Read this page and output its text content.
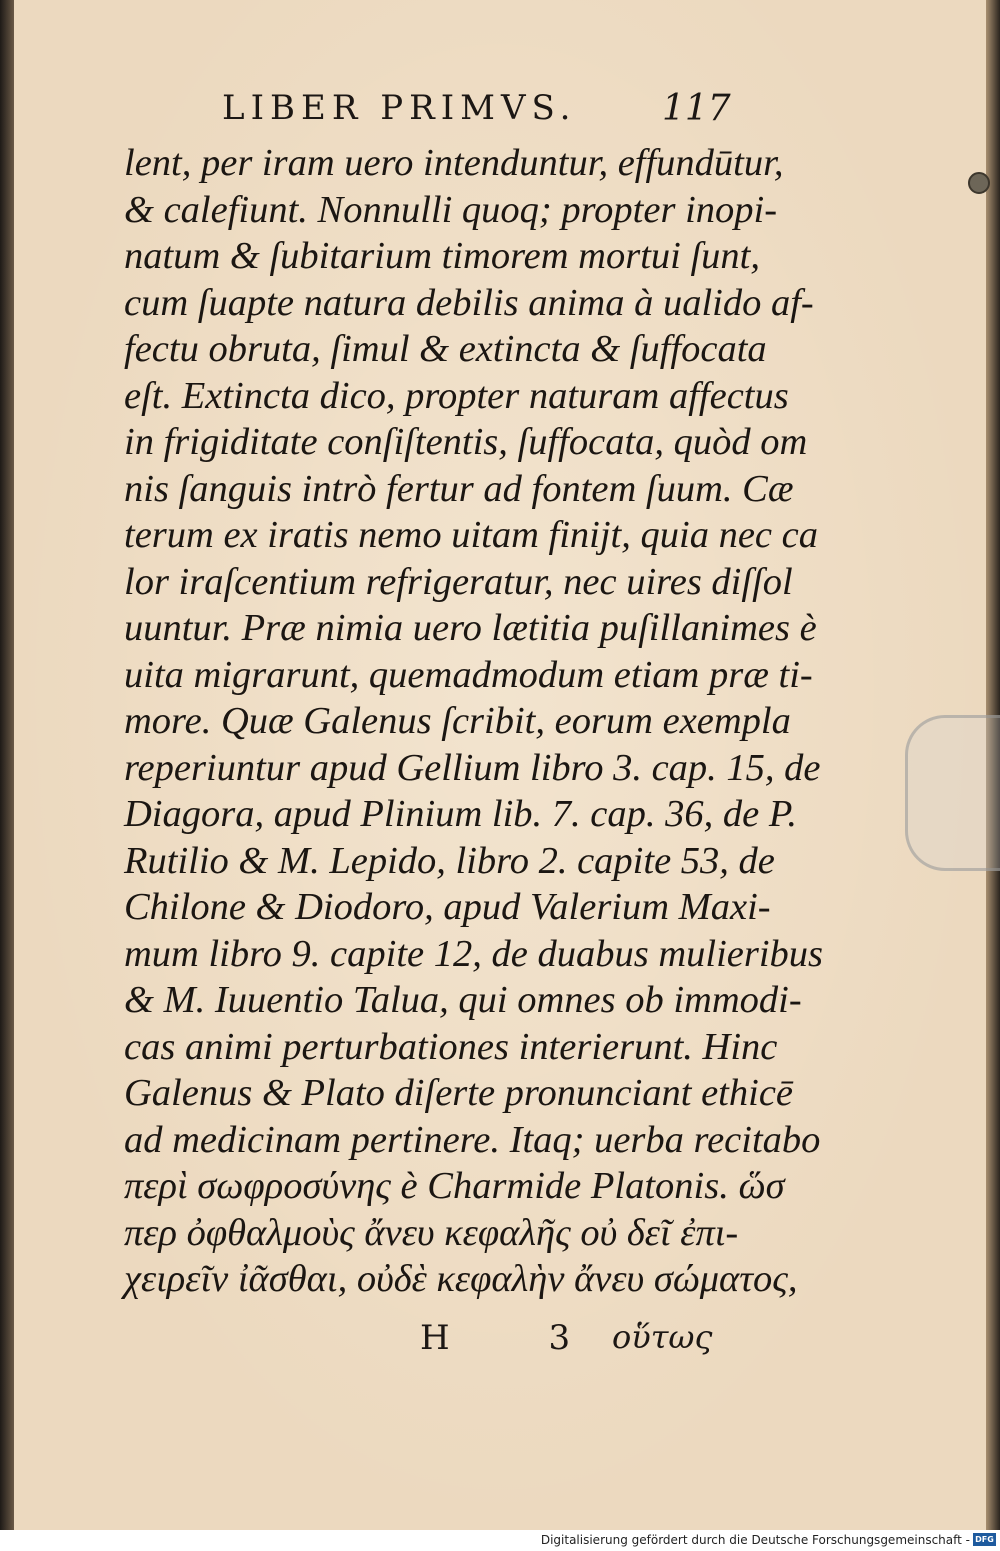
LIBER PRIMVS. 117
lent, per iram uero intenduntur, effundūtur,
& calefiunt. Nonnulli quoq; propter inopi-
natum & ſubitarium timorem mortui ſunt,
cum ſuapte natura debilis anima à ualido af-
fectu obruta, ſimul & extincta & ſuffocata
eſt. Extincta dico, propter naturam affectus
in frigiditate conſiſtentis, ſuffocata, quòd om
nis ſanguis intrò fertur ad fontem ſuum. Cæ
terum ex iratis nemo uitam finijt, quia nec ca
lor iraſcentium refrigeratur, nec uires diſſol
uuntur. Præ nimia uero lætitia puſillanimes è
uita migrarunt, quemadmodum etiam præ ti-
more. Quæ Galenus ſcribit, eorum exempla
reperiuntur apud Gellium libro 3. cap. 15, de
Diagora, apud Plinium lib. 7. cap. 36, de P.
Rutilio & M. Lepido, libro 2. capite 53, de
Chilone & Diodoro, apud Valerium Maxi-
mum libro 9. capite 12, de duabus mulieribus
& M. Iuuentio Talua, qui omnes ob immodi-
cas animi perturbationes interierunt. Hinc
Galenus & Plato diſerte pronunciant ethicē
ad medicinam pertinere. Itaq; uerba recitabo
περὶ σωφροσύνης è Charmide Platonis. ὥσ
περ ὀφθαλμοὺς ἄνευ κεφαλῆς οὐ δεῖ ἐπι-
χειρεῖν ἰᾶσθαι, οὐδὲ κεφαλὴν ἄνευ σώματος,
H 3
οὕτως
Digitalisierung gefördert durch die Deutsche Forschungsgemeinschaft - DFG
